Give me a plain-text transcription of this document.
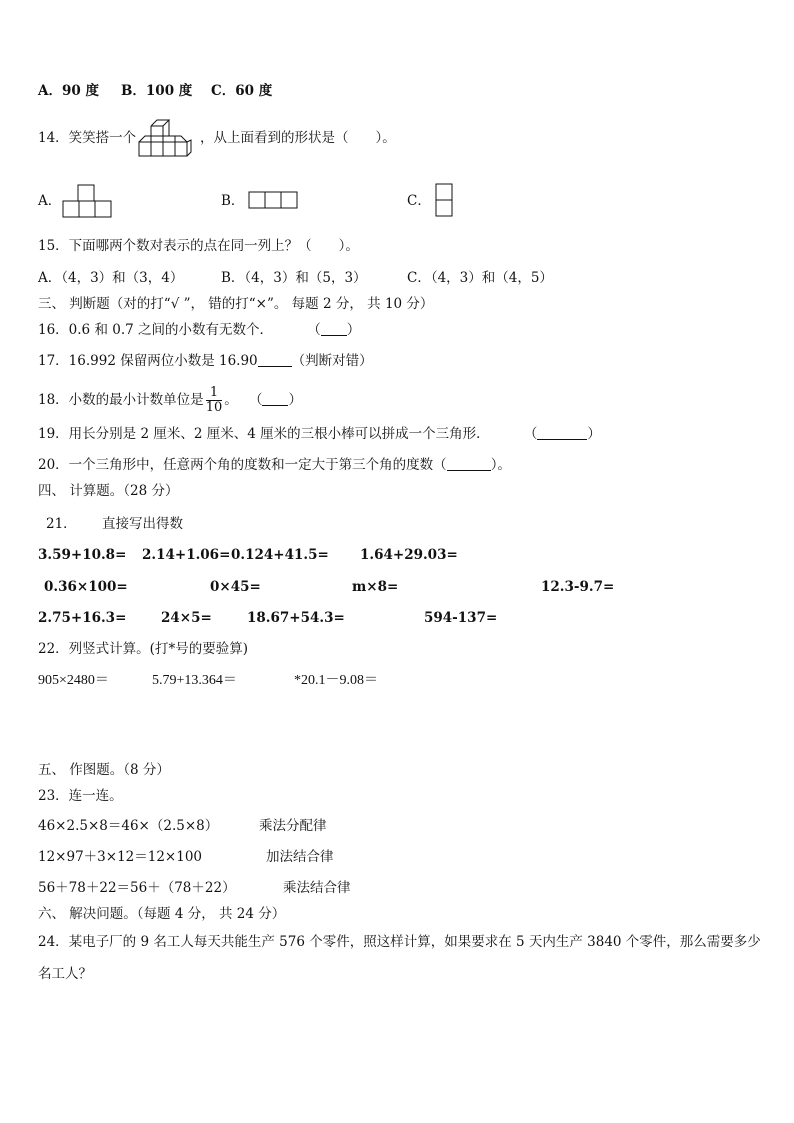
A．90 度 B．100 度 C．60 度
14．笑笑搭一个	，从上面看到的形状是（　　）。
A．	B．	C．
15．下面哪两个数对表示的点在同一列上？（　　）。
A．（4，3）和（3，4）	B．（4，3）和（5，3）	C．（4，3）和（4，5）
三、 判断题（对的打“√ ”， 错的打“×”。 每题 2 分， 共 10 分）
16．0.6 和 0.7 之间的小数有无数个．	（ ）
17．16.992 保留两位小数是 16.90	（判断对错）
18．小数的最小计数单位是 $\frac{1}{10}$ 。 （ ）
19．用长分别是 2 厘米、2 厘米、4 厘米的三根小棒可以拼成一个三角形．	（	）
20．一个三角形中，任意两个角的度数和一定大于第三个角的度数（	）。
四、 计算题。（28 分）
21． 直接写出得数
3.59+10.8= 2.14+1.06= 0.124+41.5= 1.64+29.03=
0.36×100=	0×45=	m×8=	12.3-9.7=
2.75+16.3=	24×5=	18.67+54.3=	594-137=
22．列竖式计算。(打*号的要验算)
905×2480＝	5.79+13.364＝	*20.1－9.08＝
五、 作图题。（8 分）
23．连一连。
46×2.5×8＝46×（2.5×8）	乘法分配律
12×97＋3×12＝12×100	加法结合律
56＋78＋22＝56＋（78＋22）	乘法结合律
六、 解决问题。（每题 4 分， 共 24 分）
24．某电子厂的 9 名工人每天共能生产 576 个零件，照这样计算，如果要求在 5 天内生产 3840 个零件，那么需要多少
名工人？
